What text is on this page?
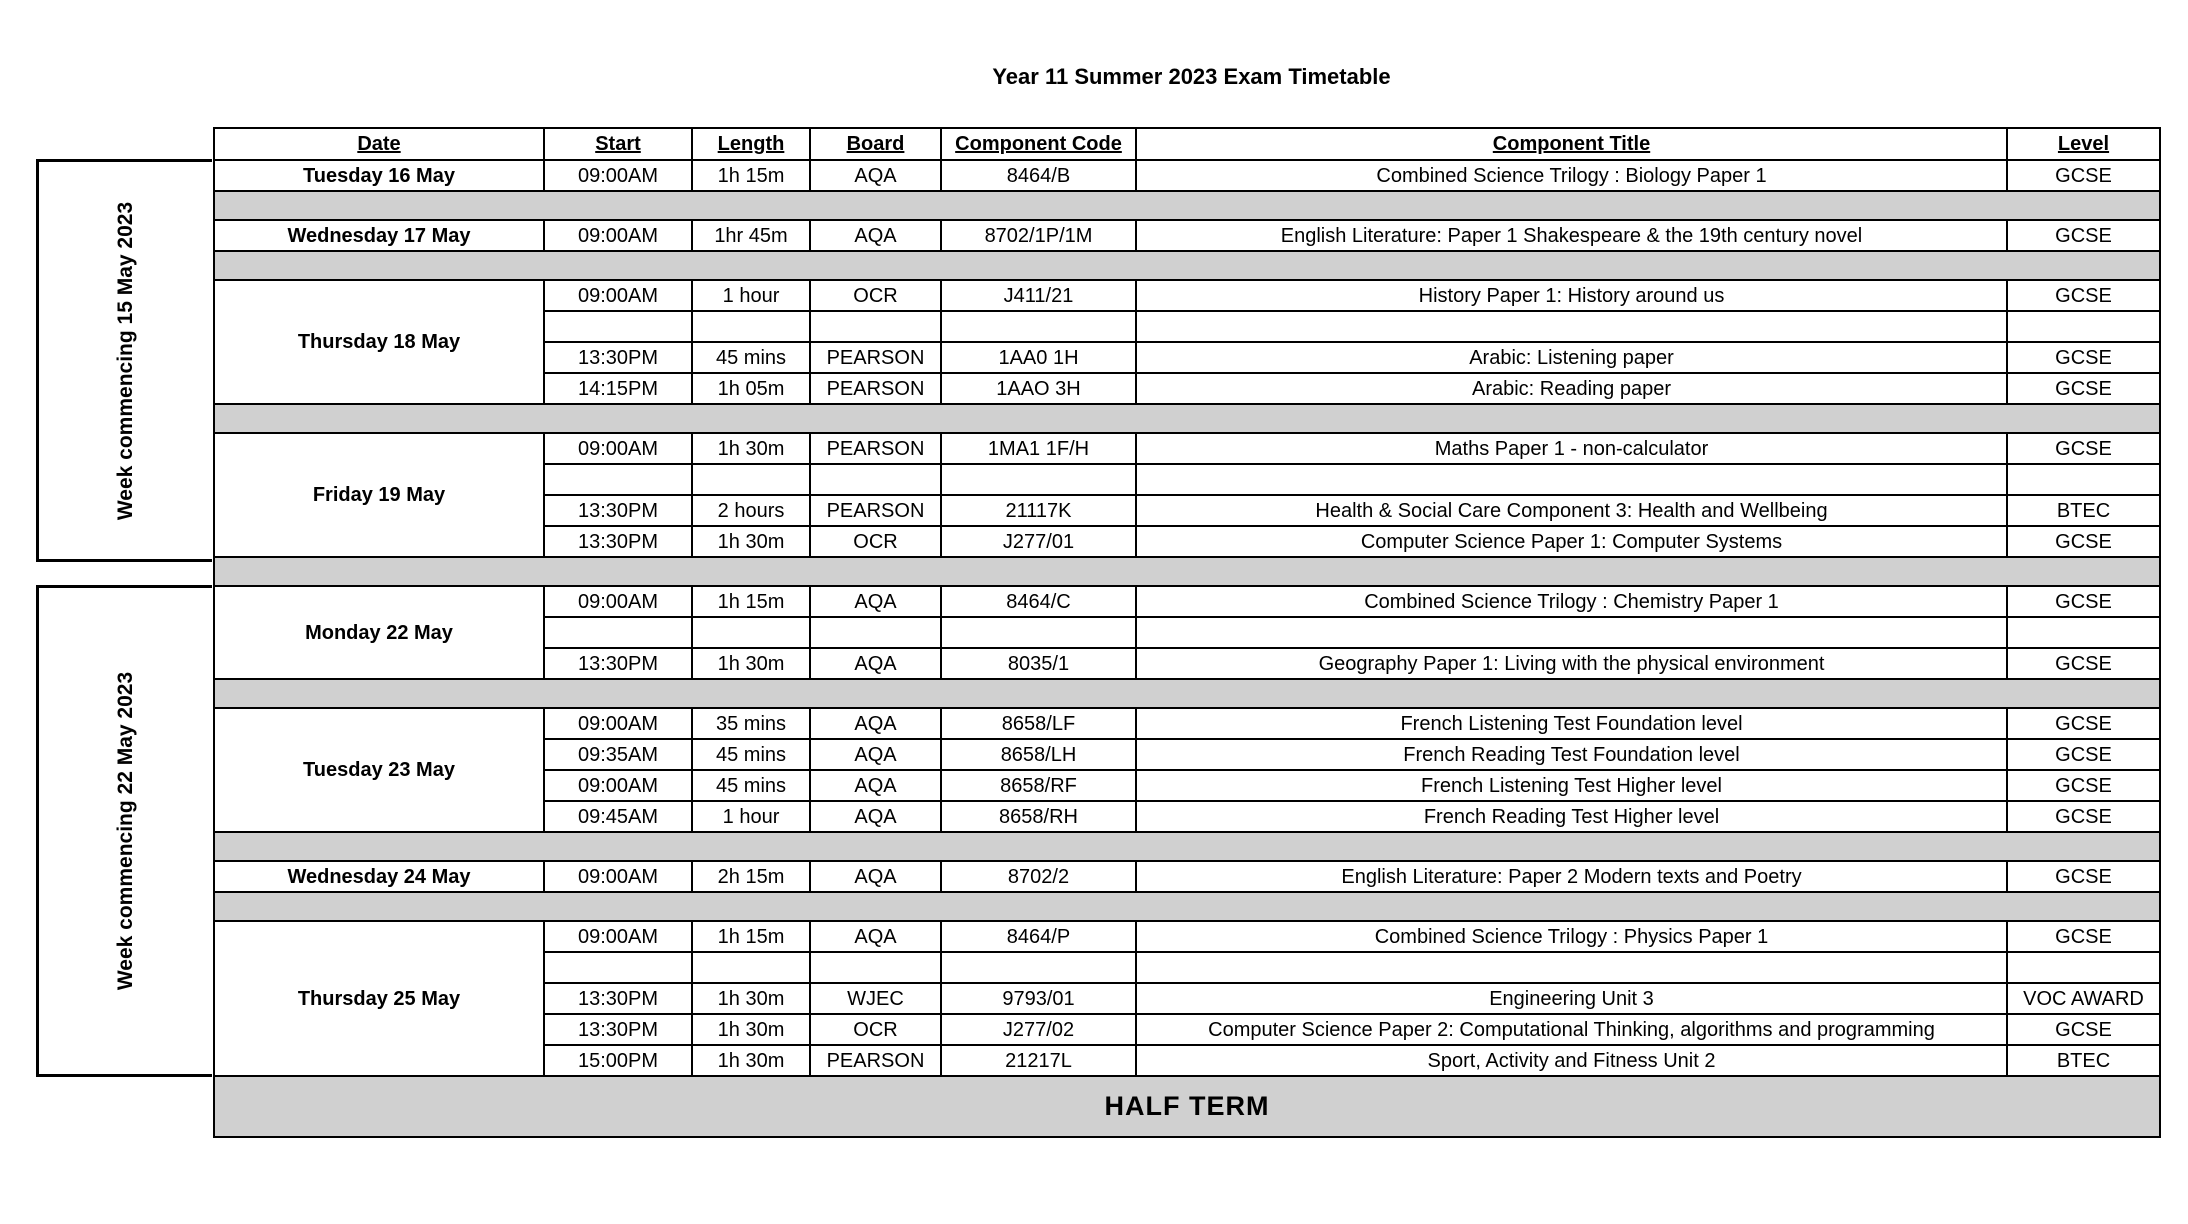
Year 11 Summer 2023 Exam Timetable
Date	Start	Length	Board	Component Code	Component Title	Level
Tuesday 16 May	09:00AM	1h 15m	AQA	8464/B	Combined Science Trilogy : Biology Paper 1	GCSE

Wednesday 17 May	09:00AM	1hr 45m	AQA	8702/1P/1M	English Literature: Paper 1 Shakespeare & the 19th century novel	GCSE

Thursday 18 May	09:00AM	1 hour	OCR	J411/21	History Paper 1: History around us	GCSE

	13:30PM	45 mins	PEARSON	1AA0 1H	Arabic: Listening paper	GCSE
	14:15PM	1h 05m	PEARSON	1AAO 3H	Arabic: Reading paper	GCSE

Friday 19 May	09:00AM	1h 30m	PEARSON	1MA1 1F/H	Maths Paper 1 - non-calculator	GCSE

	13:30PM	2 hours	PEARSON	21117K	Health & Social Care Component 3: Health and Wellbeing	BTEC
	13:30PM	1h 30m	OCR	J277/01	Computer Science Paper 1: Computer Systems	GCSE

Monday 22 May	09:00AM	1h 15m	AQA	8464/C	Combined Science Trilogy : Chemistry Paper 1	GCSE

	13:30PM	1h 30m	AQA	8035/1	Geography Paper 1: Living with the physical environment	GCSE

Tuesday 23 May	09:00AM	35 mins	AQA	8658/LF	French Listening Test Foundation level	GCSE
	09:35AM	45 mins	AQA	8658/LH	French Reading Test Foundation level	GCSE
	09:00AM	45 mins	AQA	8658/RF	French Listening Test Higher level	GCSE
	09:45AM	1 hour	AQA	8658/RH	French Reading Test Higher level	GCSE

Wednesday 24 May	09:00AM	2h 15m	AQA	8702/2	English Literature: Paper 2 Modern texts and Poetry	GCSE

Thursday 25 May	09:00AM	1h 15m	AQA	8464/P	Combined Science Trilogy : Physics Paper 1	GCSE

	13:30PM	1h 30m	WJEC	9793/01	Engineering Unit 3	VOC AWARD
	13:30PM	1h 30m	OCR	J277/02	Computer Science Paper 2: Computational Thinking, algorithms and programming	GCSE
	15:00PM	1h 30m	PEARSON	21217L	Sport, Activity and Fitness Unit 2	BTEC
HALF TERM						
Week commencing 15 May 2023
Week commencing 22 May 2023
